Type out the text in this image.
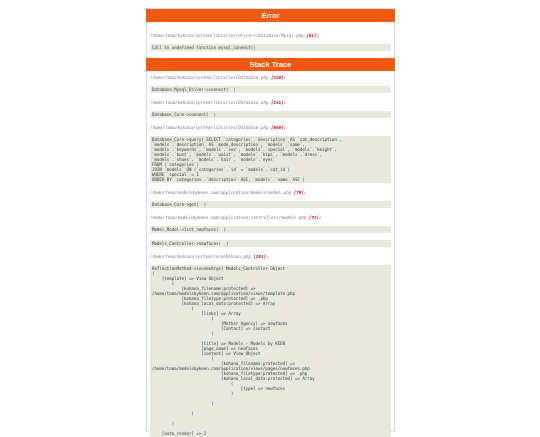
Error
/home/toma/kohana/system/libraries/drivers/Database/Mysql.php [61]:
Call to undefined function mysql_connect()
Stack Trace
/home/toma/kohana/system/libraries/Database.php [220]:
Database_Mysql_Driver->connect(  )
/home/toma/kohana/system/libraries/Database.php [241]:
Database_Core->connect(  )
/home/toma/kohana/system/libraries/Database.php [860]:
Database_Core->query( SELECT `categories`.`description` AS `cat_description`,
`models`.`description` AS `mode_description`, `models`.`name`,
`models`.`keywords`, `models`.`sex`, `models`.`special`, `models`.`height`,
`models`.`bust`, `models`.`waist`, `models`.`hips`, `models`.`dress`,
`models`.`shoes`, `models`.`hair`, `models`.`eyes`
FROM (`categories`)
JOIN `models` ON (`categories`.`id` = `models`.`cat_id`)
WHERE `special` = 1
ORDER BY `categories`.`description` ASC, `models`.`name` ASC )
/home/toma/modelsbykeen.com/application/models/model.php [79]:
Database_Core->get(  )
/home/toma/modelsbykeen.com/application/controllers/models.php [71]:
Model_Model->list_newfaces(  )
Models_Controller->newfaces(  )
/home/toma/kohana/system/core/Kohana.php [291]:
ReflectionMethod->invokeArgs( Models_Controller Object
(
[template] => View Object
(
[kohana_filename:protected] =>
/home/toma/modelsbykeen.com/application/views/template.php
[kohana_filetype:protected] => .php
[kohana_local_data:protected] => Array
(
[links] => Array
(
[Mother Agency] => newfaces
[Contact] => contact
)

[title] => Models - Models by KEEN
[page_name] => newfaces
[content] => View Object
(
[kohana_filename:protected] =>
/home/toma/modelsbykeen.com/application/views/pages/newfaces.php
[kohana_filetype:protected] => .php
[kohana_local_data:protected] => Array
(
[type] => newfaces
)

)

)

)

[auto_render] => 1
